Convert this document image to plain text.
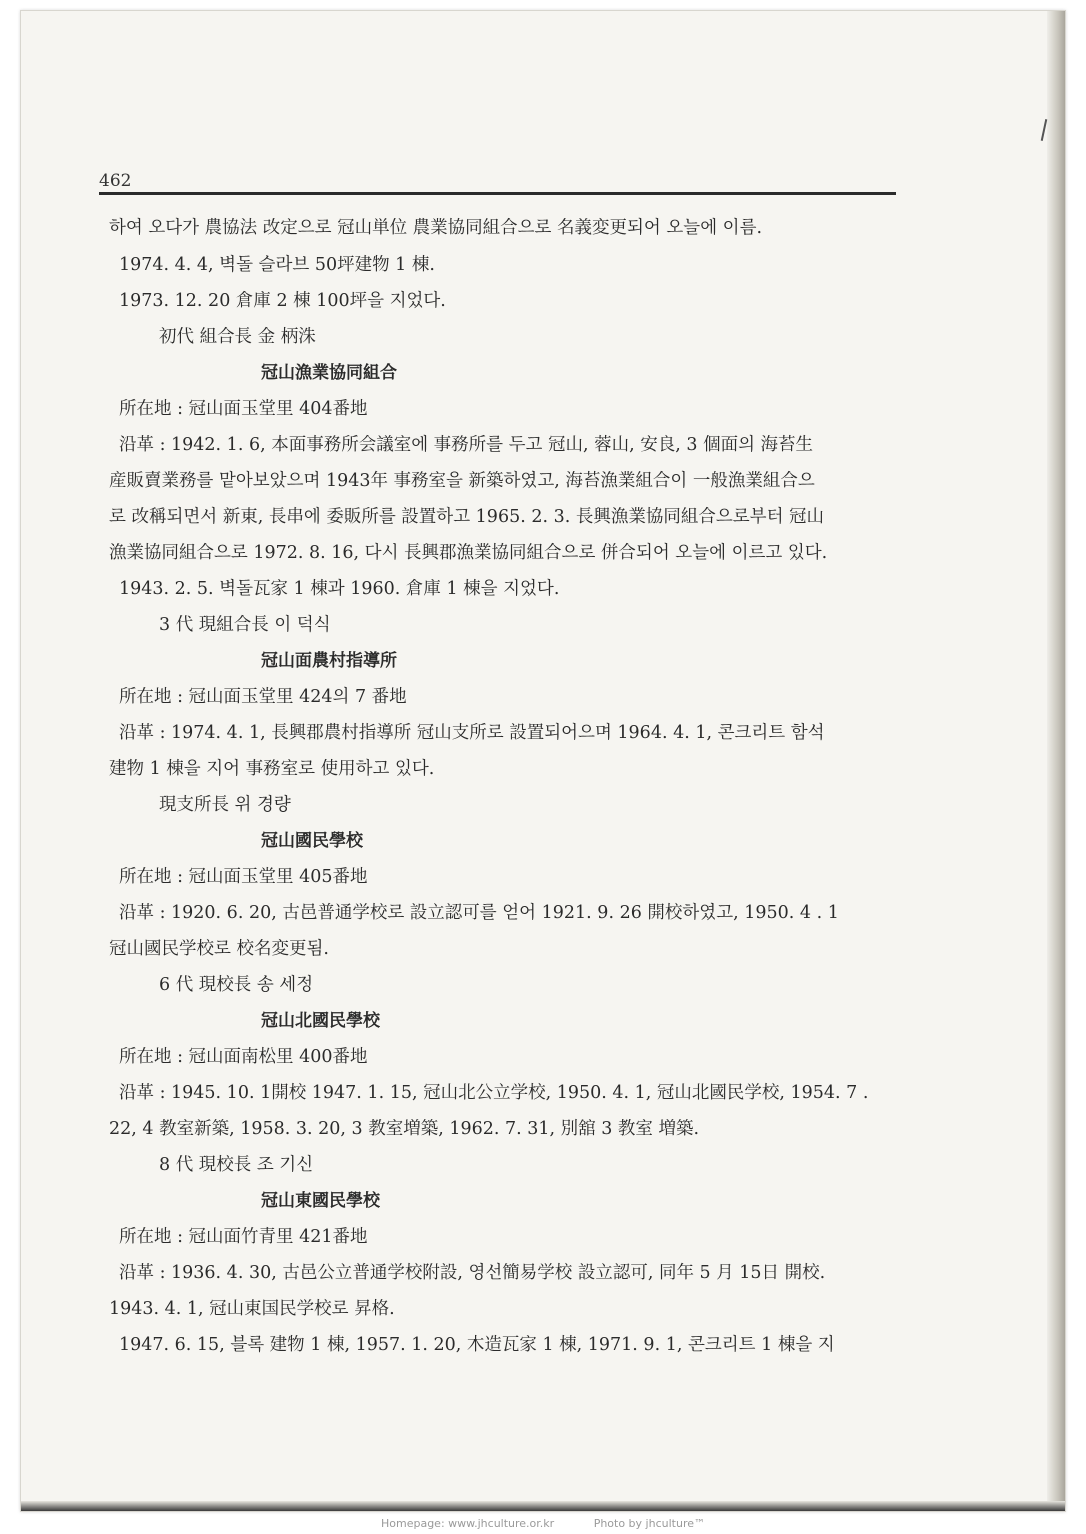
462
하여 오다가 農協法 改定으로 冠山単位 農業協同組合으로 名義変更되어 오늘에 이름.
1974. 4. 4, 벽돌 슬라브 50坪建物 1 棟.
1973. 12. 20 倉庫 2 棟 100坪을 지었다.
初代 組合長 金 柄洙
冠山漁業協同組合
所在地 : 冠山面玉堂里 404番地
沿革 : 1942. 1. 6, 本面事務所会議室에 事務所를 두고 冠山, 蓉山, 安良, 3 個面의 海苔生
産販賣業務를 맡아보았으며 1943年 事務室을 新築하였고, 海苔漁業組合이 一般漁業組合으
로 改稱되면서 新東, 長串에 委販所를 設置하고 1965. 2. 3. 長興漁業協同組合으로부터 冠山
漁業協同組合으로 1972. 8. 16, 다시 長興郡漁業協同組合으로 併合되어 오늘에 이르고 있다.
1943. 2. 5. 벽돌瓦家 1 棟과 1960. 倉庫 1 棟을 지었다.
3 代 現組合長 이 덕식
冠山面農村指導所
所在地 : 冠山面玉堂里 424의 7 番地
沿革 : 1974. 4. 1, 長興郡農村指導所 冠山支所로 設置되어으며 1964. 4. 1, 콘크리트 함석
建物 1 棟을 지어 事務室로 使用하고 있다.
現支所長 위 경량
冠山國民學校
所在地 : 冠山面玉堂里 405番地
沿革 : 1920. 6. 20, 古邑普通学校로 設立認可를 얻어 1921. 9. 26 開校하였고, 1950. 4 . 1
冠山國民学校로 校名変更됨.
6 代 現校長 송 세정
冠山北國民學校
所在地 : 冠山面南松里 400番地
沿革 : 1945. 10. 1開校 1947. 1. 15, 冠山北公立学校, 1950. 4. 1, 冠山北國民学校, 1954. 7 .
22, 4 教室新築, 1958. 3. 20, 3 教室増築, 1962. 7. 31, 別舘 3 教室 増築.
8 代 現校長 조 기신
冠山東國民學校
所在地 : 冠山面竹青里 421番地
沿革 : 1936. 4. 30, 古邑公立普通学校附設, 영선簡易学校 設立認可, 同年 5 月 15日 開校.
1943. 4. 1, 冠山東国民学校로 昇格.
1947. 6. 15, 블록 建物 1 棟, 1957. 1. 20, 木造瓦家 1 棟, 1971. 9. 1, 콘크리트 1 棟을 지
Homepage: www.jhculture.or.kr	Photo by jhculture™
